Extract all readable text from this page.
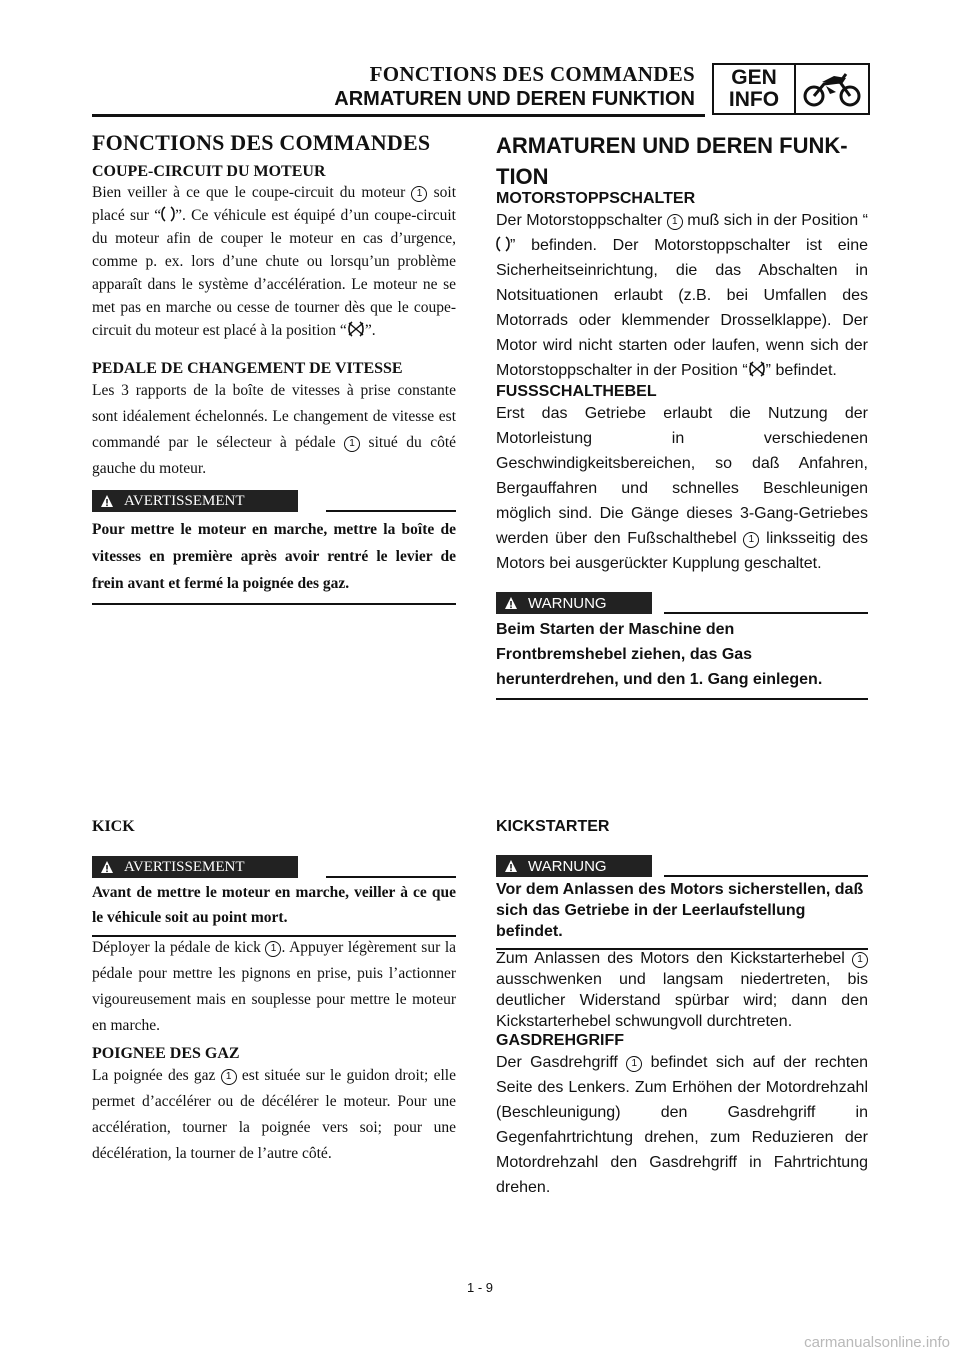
FONCTIONS DES COMMANDES
ARMATUREN UND DEREN FUNKTION
GEN
INFO
FONCTIONS DES COMMANDES
COUPE-CIRCUIT DU MOTEUR
Bien veiller à ce que le coupe-circuit du moteur 1 soit placé sur “ ”. Ce véhicule est équipé d’un coupe-circuit du moteur afin de couper le moteur en cas d’urgence, comme p. ex. lors d’une chute ou lorsqu’un problème apparaît dans le système d’accélération. Le moteur ne se met pas en marche ou cesse de tourner dès que le coupe-circuit du moteur est placé à la position “ ”.
PEDALE DE CHANGEMENT DE VITESSE
Les 3 rapports de la boîte de vitesses à prise constante sont idéalement échelonnés. Le changement de vitesse est commandé par le sélecteur à pédale 1 situé du côté gauche du moteur.
AVERTISSEMENT
Pour mettre le moteur en marche, mettre la boîte de vitesses en première après avoir rentré le levier de frein avant et fermé la poignée des gaz.
KICK
AVERTISSEMENT
Avant de mettre le moteur en marche, veiller à ce que le véhicule soit au point mort.
Déployer la pédale de kick 1 . Appuyer légèrement sur la pédale pour mettre les pignons en prise, puis l’actionner vigoureusement mais en souplesse pour mettre le moteur en marche.
POIGNEE DES GAZ
La poignée des gaz 1 est située sur le guidon droit; elle permet d’accélérer ou de décélérer le moteur. Pour une accélération, tourner la poignée vers soi; pour une décélération, la tourner de l’autre côté.
ARMATUREN UND DEREN FUNK-TION
MOTORSTOPPSCHALTER
Der Motorstoppschalter 1 muß sich in der Position “” befinden. Der Motorstoppschalter ist eine Sicherheitseinrichtung, die das Abschalten in Notsituationen erlaubt (z.B. bei Umfallen des Motorrads oder klemmender Drosselklappe). Der Motor wird nicht starten oder laufen, wenn sich der Motorstoppschalter in der Position “ ” befindet.
FUSSSCHALTHEBEL
Erst das Getriebe erlaubt die Nutzung der Motorleistung in verschiedenen Geschwindigkeitsbereichen, so daß Anfahren, Bergauffahren und schnelles Beschleunigen möglich sind. Die Gänge dieses 3-Gang-Getriebes werden über den Fußschalthebel 1 linksseitig des Motors bei ausgerückter Kupplung geschaltet.
WARNUNG
Beim Starten der Maschine den Frontbremshebel ziehen, das Gas herunterdrehen, und den 1. Gang einlegen.
KICKSTARTER
WARNUNG
Vor dem Anlassen des Motors sicherstellen, daß sich das Getriebe in der Leerlaufstellung befindet.
Zum Anlassen des Motors den Kickstarterhebel 1 ausschwenken und langsam niedertreten, bis deutlicher Widerstand spürbar wird; dann den Kickstarterhebel schwungvoll durchtreten.
GASDREHGRIFF
Der Gasdrehgriff 1 befindet sich auf der rechten Seite des Lenkers. Zum Erhöhen der Motordrehzahl (Beschleunigung) den Gasdrehgriff in Gegenfahrtrichtung drehen, zum Reduzieren der Motordrehzahl den Gasdrehgriff in Fahrtrichtung drehen.
1 - 9
carmanualsonline.info
